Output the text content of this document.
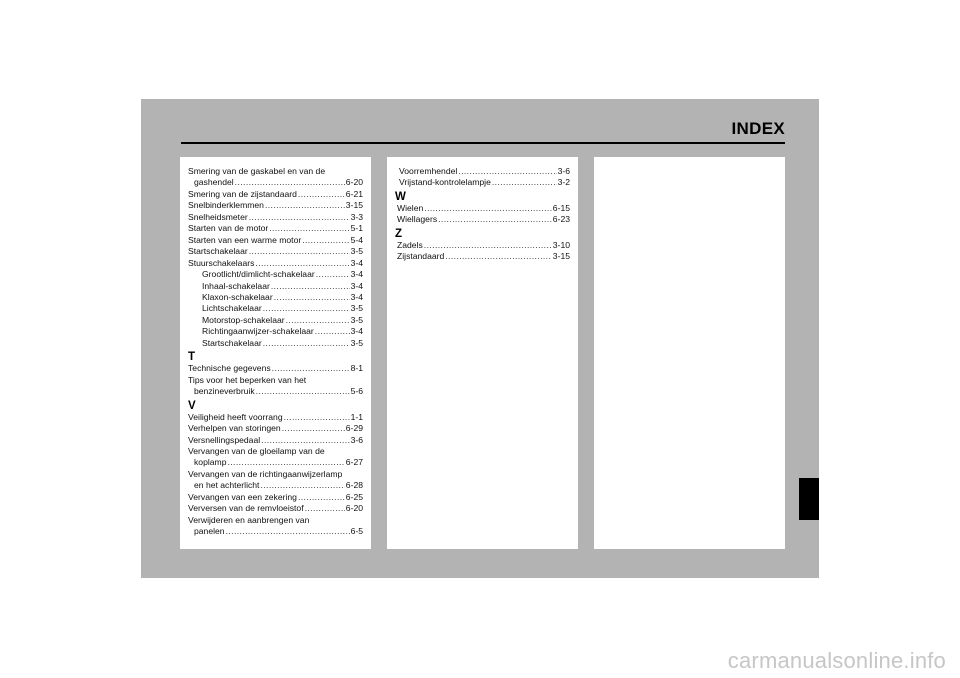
INDEX
Smering van de gaskabel en van de
gashendel .....	6-20
Smering van de zijstandaard .....	6-21
Snelbinderklemmen .....	3-15
Snelheidsmeter .....	3-3
Starten van de motor .....	5-1
Starten van een warme motor .....	5-4
Startschakelaar .....	3-5
Stuurschakelaars .....	3-4
Grootlicht/dimlicht-schakelaar .....	3-4
Inhaal-schakelaar .....	3-4
Klaxon-schakelaar .....	3-4
Lichtschakelaar .....	3-5
Motorstop-schakelaar .....	3-5
Richtingaanwijzer-schakelaar .....	3-4
Startschakelaar .....	3-5
T
Technische gegevens .....	8-1
Tips voor het beperken van het
benzineverbruik .....	5-6
V
Veiligheid heeft voorrang .....	1-1
Verhelpen van storingen .....	6-29
Versnellingspedaal .....	3-6
Vervangen van de gloeilamp van de
koplamp .....	6-27
Vervangen van de richtingaanwijzerlamp
en het achterlicht .....	6-28
Vervangen van een zekering .....	6-25
Verversen van de remvloeistof .....	6-20
Verwijderen en aanbrengen van
panelen .....	6-5
Voorremhendel .....	3-6
Vrijstand-kontrolelampje .....	3-2
W
Wielen .....	6-15
Wiellagers .....	6-23
Z
Zadels .....	3-10
Zijstandaard .....	3-15
carmanualsonline.info
